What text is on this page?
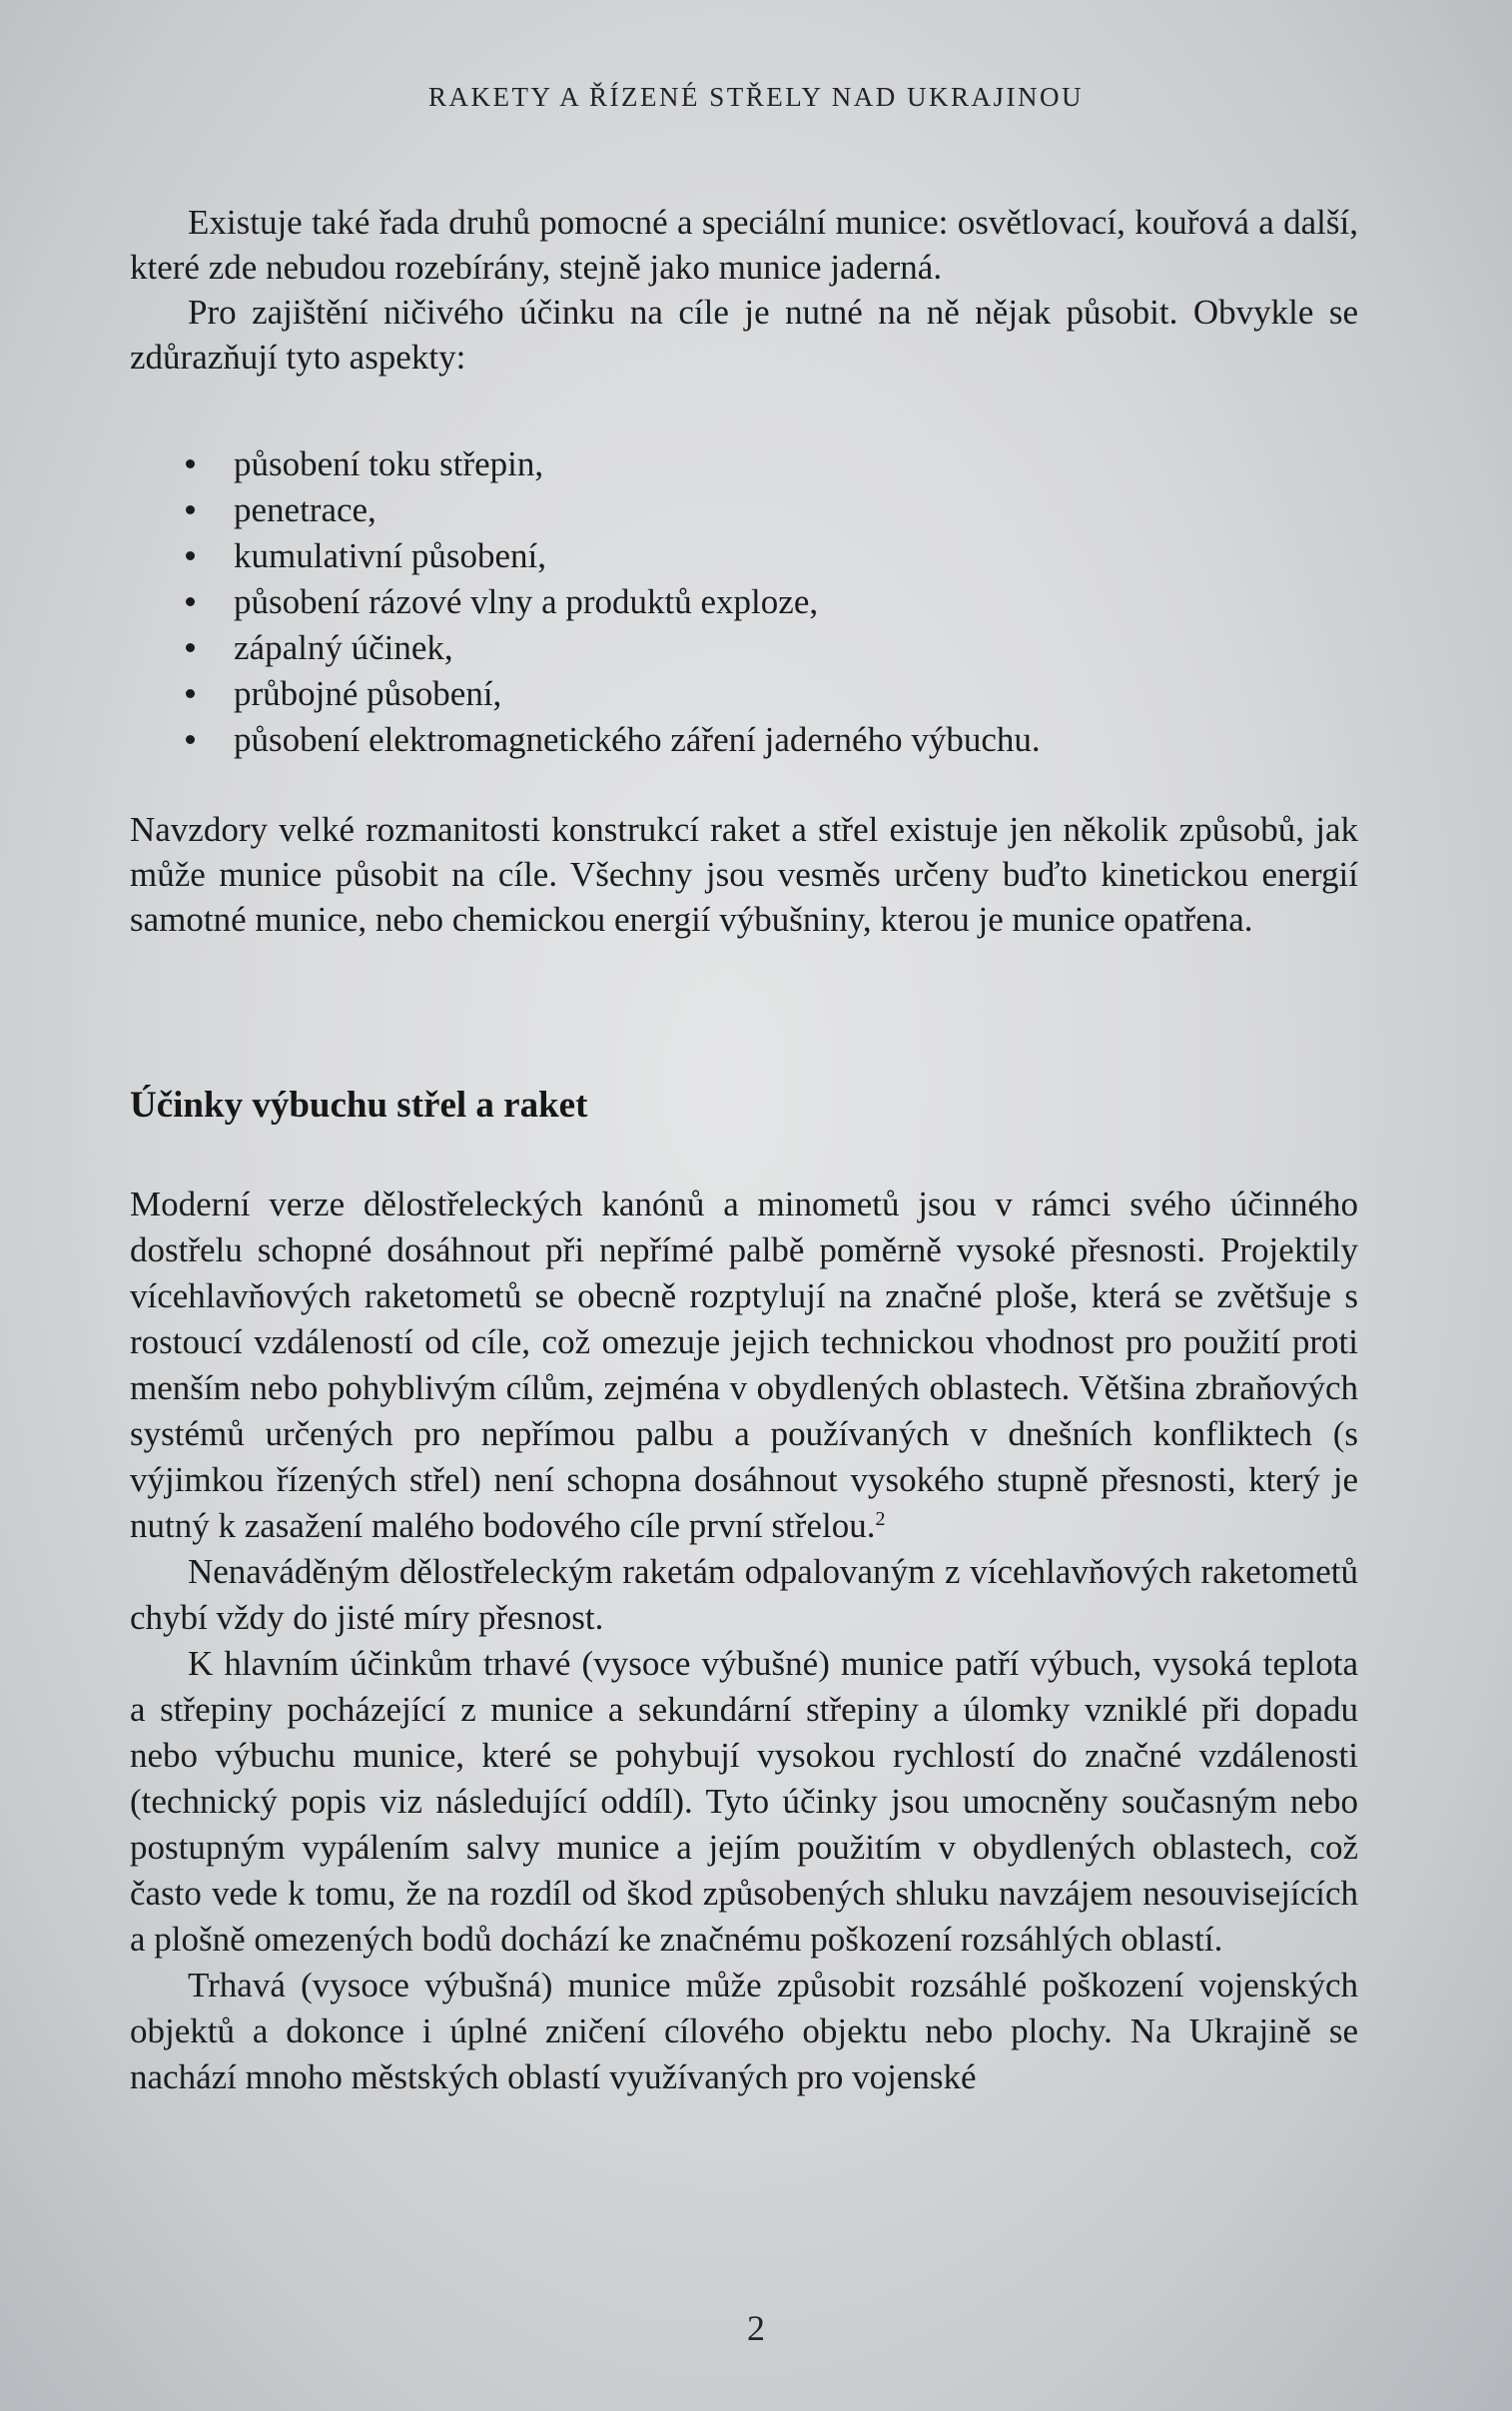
RAKETY A ŘÍZENÉ STŘELY NAD UKRAJINOU

Existuje také řada druhů pomocné a speciální munice: osvětlovací, kouřová a další, které zde nebudou rozebírány, stejně jako munice jaderná.

Pro zajištění ničivého účinku na cíle je nutné na ně nějak působit. Obvykle se zdůrazňují tyto aspekty:

působení toku střepin,
penetrace,
kumulativní působení,
působení rázové vlny a produktů exploze,
zápalný účinek,
průbojné působení,
působení elektromagnetického záření jaderného výbuchu.

Navzdory velké rozmanitosti konstrukcí raket a střel existuje jen několik způsobů, jak může munice působit na cíle. Všechny jsou vesměs určeny buďto kinetickou energií samotné munice, nebo chemickou energií výbušniny, kterou je munice opatřena.

Účinky výbuchu střel a raket

Moderní verze dělostřeleckých kanónů a minometů jsou v rámci svého účinného dostřelu schopné dosáhnout při nepřímé palbě poměrně vysoké přesnosti. Projektily vícehlavňových raketometů se obecně rozptylují na značné ploše, která se zvětšuje s rostoucí vzdáleností od cíle, což omezuje jejich technickou vhodnost pro použití proti menším nebo pohyblivým cílům, zejména v obydlených oblastech. Většina zbraňových systémů určených pro nepřímou palbu a používaných v dnešních konfliktech (s výjimkou řízených střel) není schopna dosáhnout vysokého stupně přesnosti, který je nutný k zasažení malého bodového cíle první střelou.$^2$

Nenaváděným dělostřeleckým raketám odpalovaným z vícehlavňových raketometů chybí vždy do jisté míry přesnost.

K hlavním účinkům trhavé (vysoce výbušné) munice patří výbuch, vysoká teplota a střepiny pocházející z munice a sekundární střepiny a úlomky vzniklé při dopadu nebo výbuchu munice, které se pohybují vysokou rychlostí do značné vzdálenosti (technický popis viz následující oddíl). Tyto účinky jsou umocněny současným nebo postupným vypálením salvy munice a jejím použitím v obydlených oblastech, což často vede k tomu, že na rozdíl od škod způsobených shluku navzájem nesouvisejících a plošně omezených bodů dochází ke značnému poškození rozsáhlých oblastí.

Trhavá (vysoce výbušná) munice může způsobit rozsáhlé poškození vojenských objektů a dokonce i úplné zničení cílového objektu nebo plochy. Na Ukrajině se nachází mnoho městských oblastí využívaných pro vojenské

2
